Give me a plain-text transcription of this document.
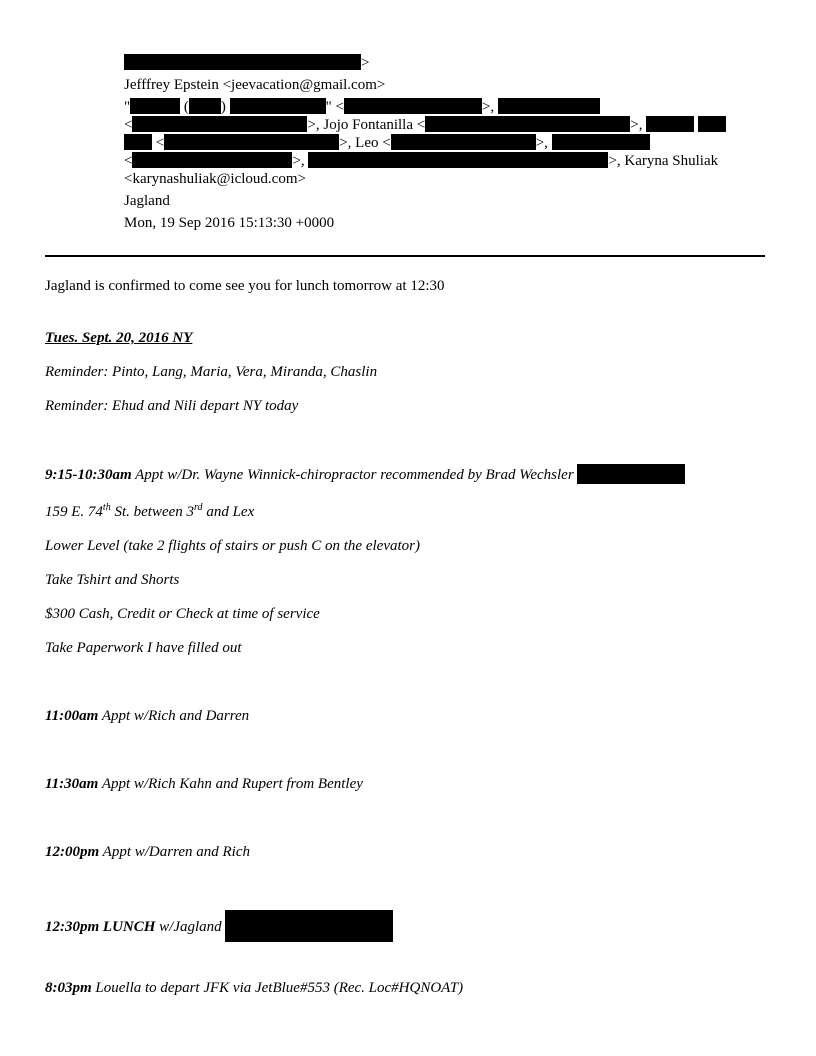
>
Jefffrey Epstein <jeevacation@gmail.com>
"	( )	" <	>,
<	>, Jojo Fontanilla <	>,
<	>, Leo <	>,
<	>,	>, Karyna Shuliak
<karynashuliak@icloud.com>
Jagland
Mon, 19 Sep 2016 15:13:30 +0000
Jagland is confirmed to come see you for lunch tomorrow at 12:30
Tues. Sept. 20, 2016 NY
Reminder: Pinto, Lang, Maria, Vera, Miranda, Chaslin
Reminder: Ehud and Nili depart NY today
9:15-10:30am Appt w/Dr. Wayne Winnick-chiropractor recommended by Brad Wechsler
159 E. 74th St. between 3rd and Lex
Lower Level (take 2 flights of stairs or push C on the elevator)
Take Tshirt and Shorts
$300 Cash, Credit or Check at time of service
Take Paperwork I have filled out
11:00am Appt w/Rich and Darren
11:30am Appt w/Rich Kahn and Rupert from Bentley
12:00pm Appt w/Darren and Rich
12:30pm LUNCH w/Jagland
8:03pm Louella to depart JFK via JetBlue#553 (Rec. Loc#HQNOAT)
